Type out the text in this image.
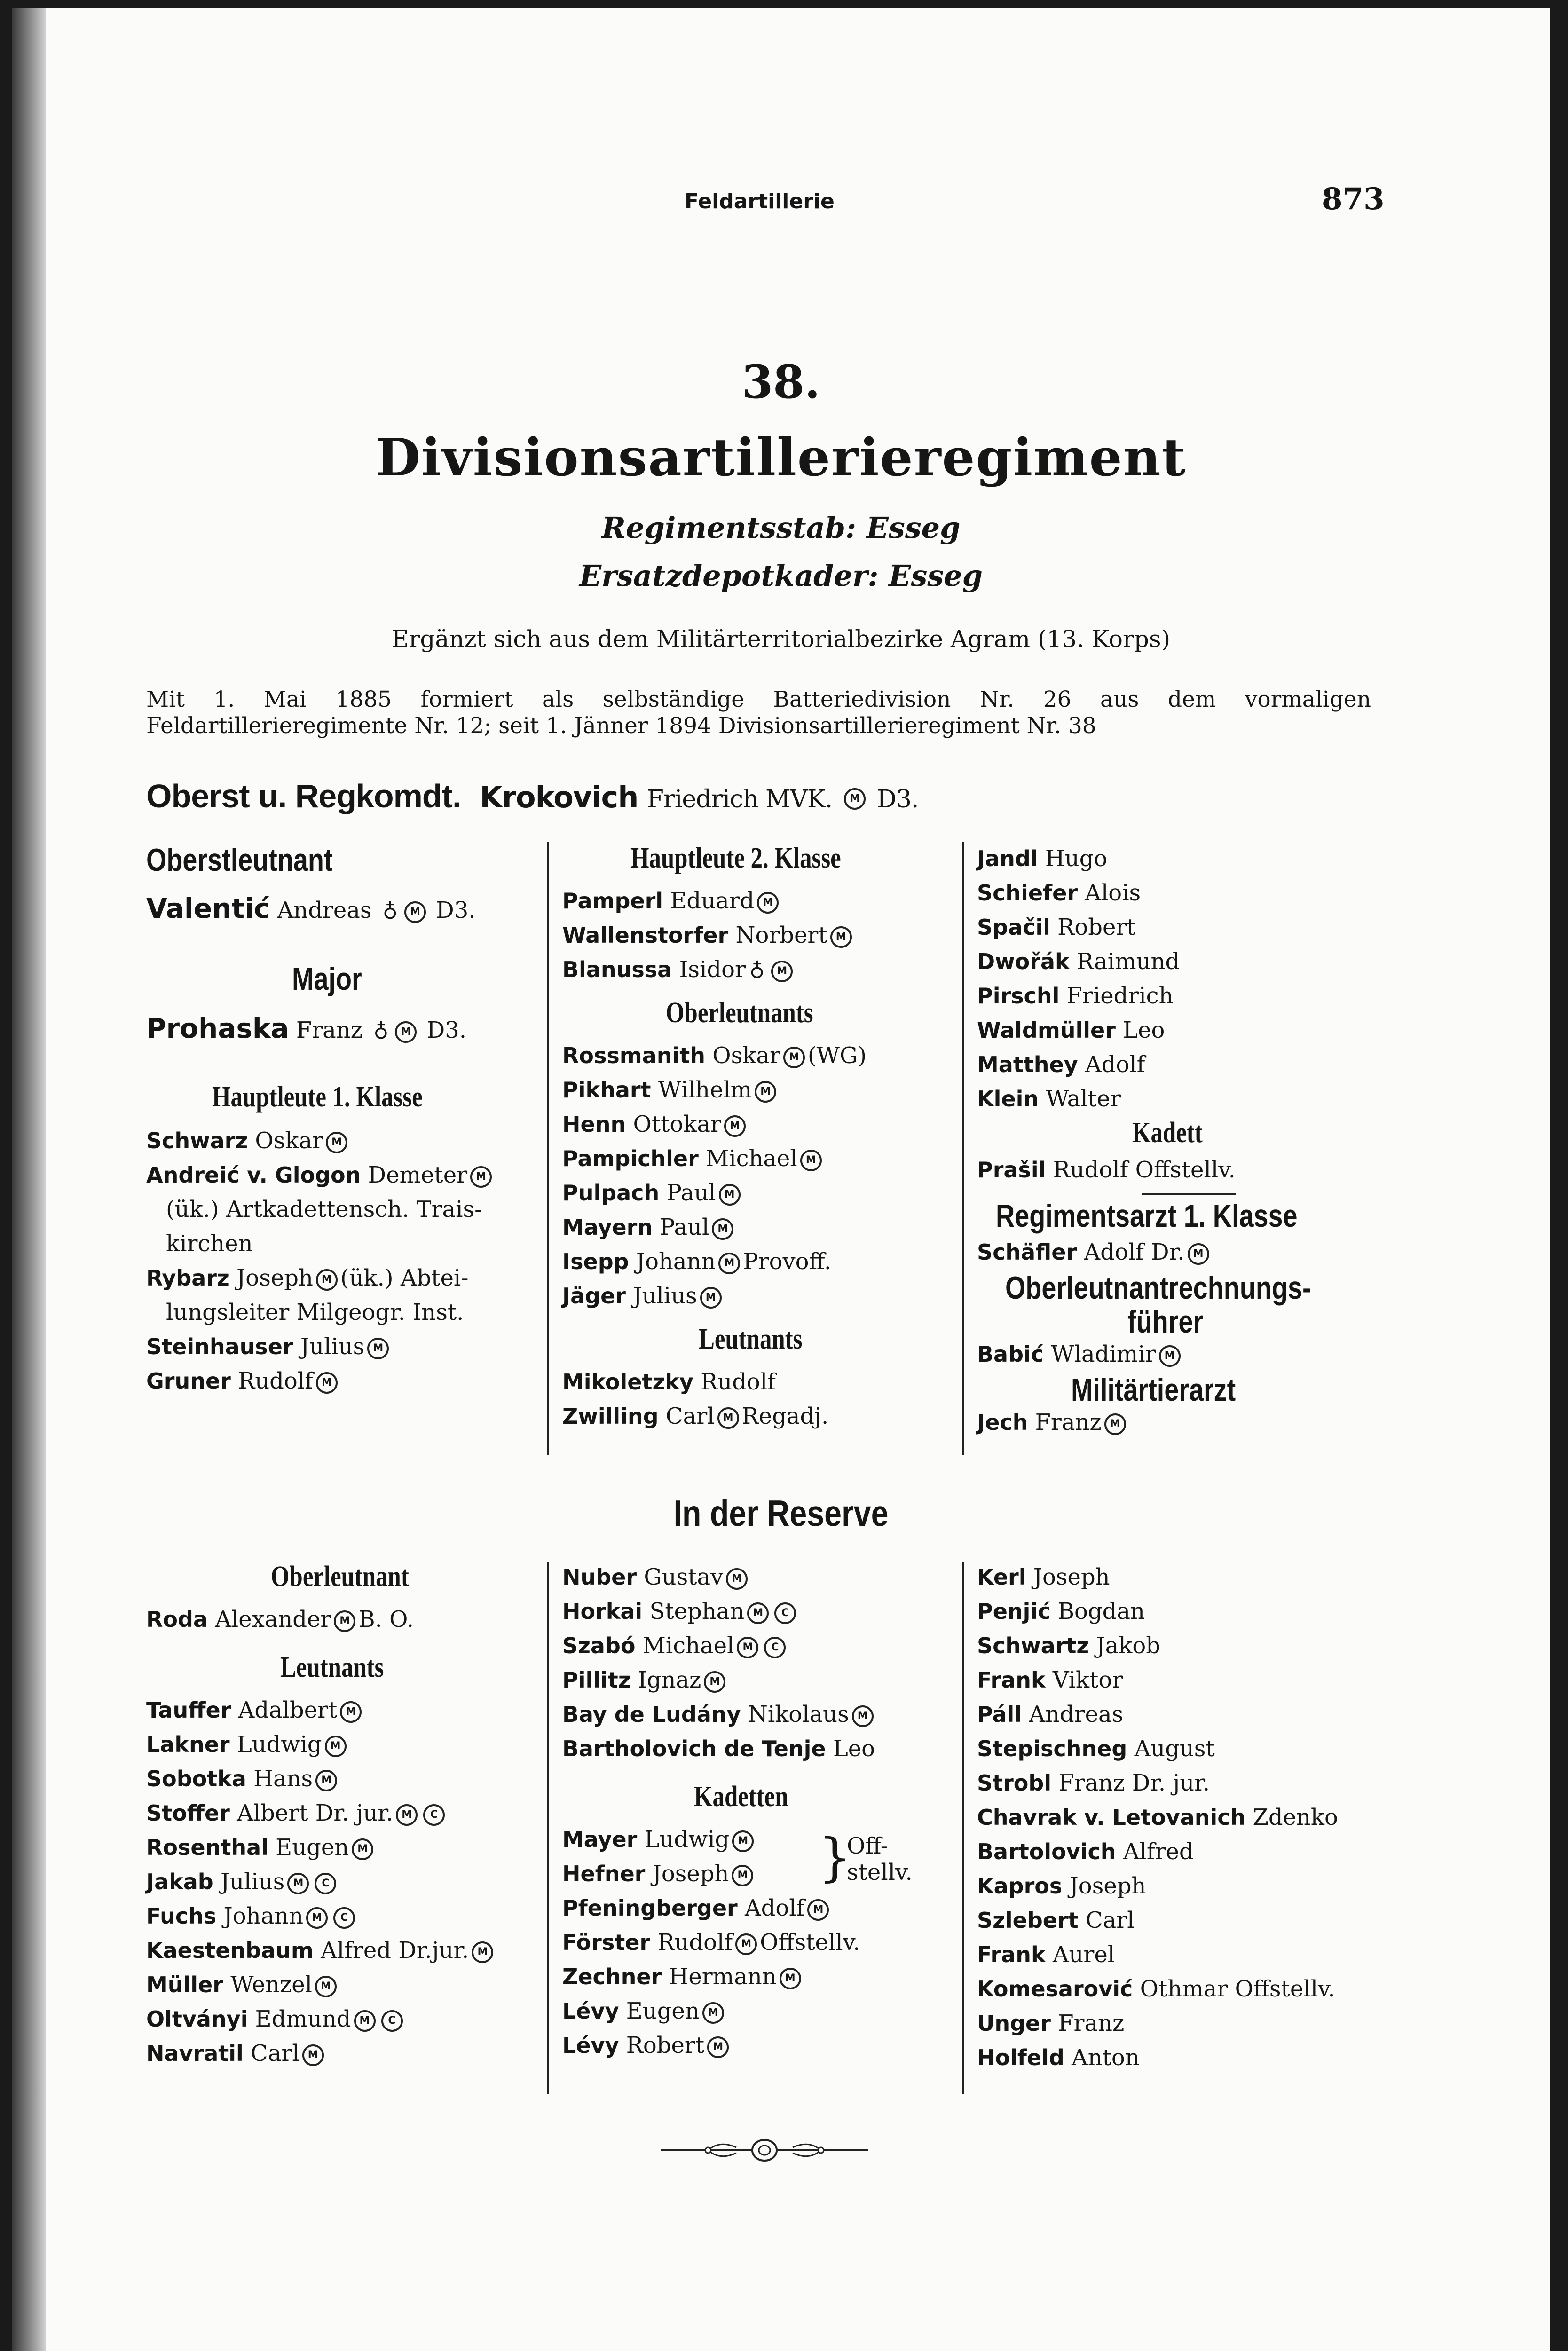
Feldartillerie	873
38.
Divisionsartillerieregiment
Regimentsstab: Esseg
Ersatzdepotkader: Esseg
Ergänzt sich aus dem Militärterritorialbezirke Agram (13. Korps)
Mit 1. Mai 1885 formiert als selbständige Batteriedivision Nr. 26 aus dem vormaligen Feldartillerieregimente Nr. 12; seit 1. Jänner 1894 Divisionsartillerieregiment Nr. 38
Oberst u. Regkomdt. Krokovich Friedrich MVK. M D3.
Oberstleutnant
Valentić Andreas ♁ M D3.
Major
Prohaska Franz ♁ M D3.
Hauptleute 1. Klasse
Schwarz OskarM
Andreić v. Glogon DemeterM
(ük.) Artkadettensch. Trais-
kirchen
Rybarz Joseph M (ük.) Abtei-
lungsleiter Milgeogr. Inst.
Steinhauser JuliusM
Gruner RudolfM
Hauptleute 2. Klasse
Pamperl EduardM
Wallenstorfer NorbertM
Blanussa Isidor ♁M
Oberleutnants
Rossmanith Oskar M (WG)
Pikhart WilhelmM
Henn OttokarM
Pampichler MichaelM
Pulpach PaulM
Mayern PaulM
Isepp Johann M Provoff.
Jäger JuliusM
Leutnants
Mikoletzky Rudolf
Zwilling Carl M Regadj.
Jandl Hugo
Schiefer Alois
Spačil Robert
Dwořák Raimund
Pirschl Friedrich
Waldmüller Leo
Matthey Adolf
Klein Walter
Kadett
Prašil Rudolf Offstellv.
Regimentsarzt 1. Klasse
Schäfler Adolf Dr.M
Oberleutnantrechnungs-
führer
Babić WladimirM
Militärtierarzt
Jech FranzM
In der Reserve
Oberleutnant
Roda Alexander M B. O.
Leutnants
Tauffer AdalbertM
Lakner LudwigM
Sobotka HansM
Stoffer Albert Dr. jur.MC
Rosenthal EugenM
Jakab JuliusMC
Fuchs JohannMC
Kaestenbaum Alfred Dr.jur.M
Müller WenzelM
Oltványi EdmundMC
Navratil CarlM
Nuber GustavM
Horkai StephanMC
Szabó MichaelMC
Pillitz IgnazM
Bay de Ludány NikolausM
Bartholovich de Tenje Leo
Kadetten
Mayer LudwigM
Hefner Joseph M	}
Off-
stellv.
Pfeningberger AdolfM
Förster Rudolf M Offstellv.
Zechner HermannM
Lévy EugenM
Lévy RobertM
Kerl Joseph
Penjić Bogdan
Schwartz Jakob
Frank Viktor
Páll Andreas
Stepischneg August
Strobl Franz Dr. jur.
Chavrak v. Letovanich Zdenko
Bartolovich Alfred
Kapros Joseph
Szlebert Carl
Frank Aurel
Komesarović Othmar Offstellv.
Unger Franz
Holfeld Anton
